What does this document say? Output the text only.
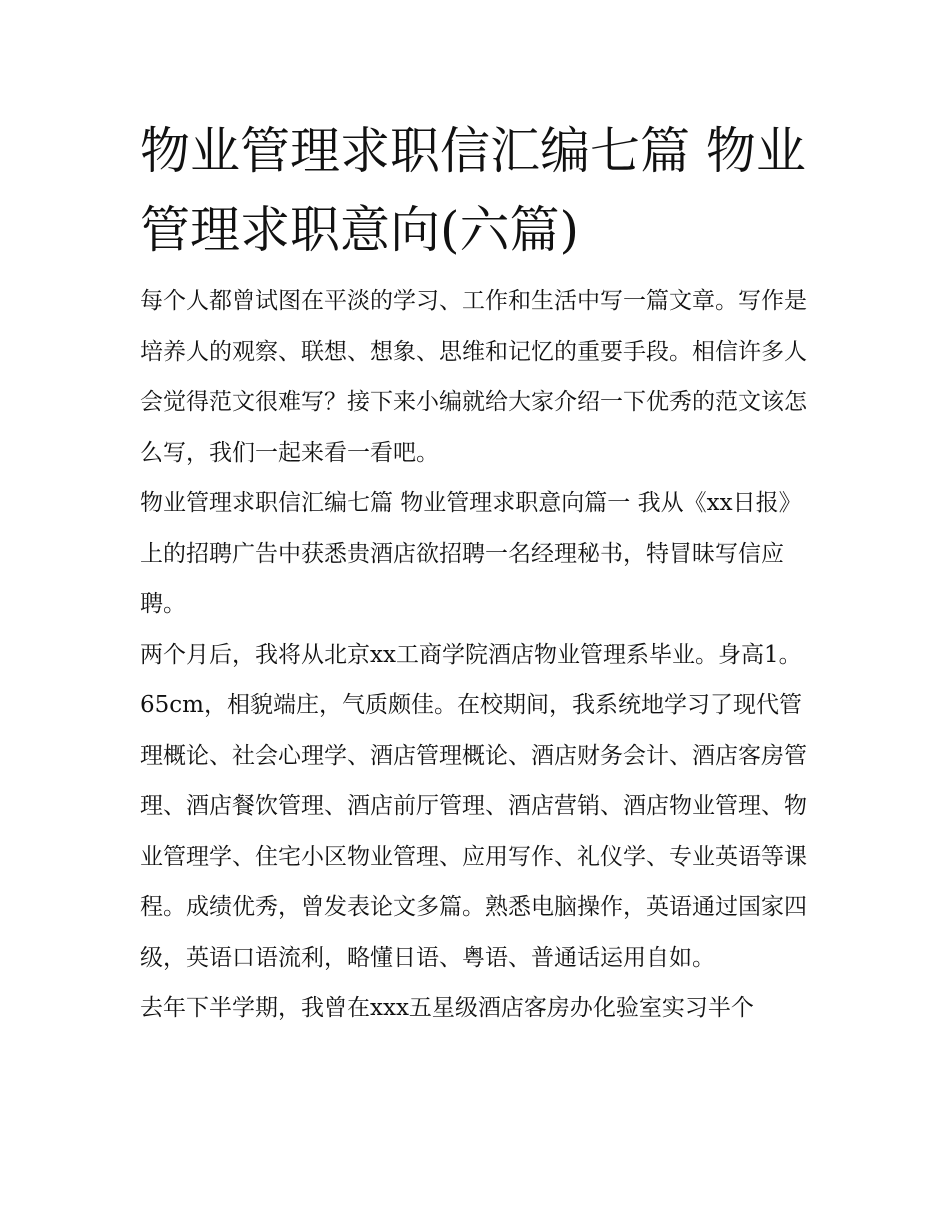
物业管理求职信汇编七篇 物业管理求职意向(六篇)

每个人都曾试图在平淡的学习、工作和生活中写一篇文章。写作是培养人的观察、联想、想象、思维和记忆的重要手段。相信许多人会觉得范文很难写？接下来小编就给大家介绍一下优秀的范文该怎么写，我们一起来看一看吧。

物业管理求职信汇编七篇 物业管理求职意向篇一 我从《xx日报》上的招聘广告中获悉贵酒店欲招聘一名经理秘书，特冒昧写信应聘。

两个月后，我将从北京xx工商学院酒店物业管理系毕业。身高1。65cm，相貌端庄，气质颇佳。在校期间，我系统地学习了现代管理概论、社会心理学、酒店管理概论、酒店财务会计、酒店客房管理、酒店餐饮管理、酒店前厅管理、酒店营销、酒店物业管理、物业管理学、住宅小区物业管理、应用写作、礼仪学、专业英语等课程。成绩优秀，曾发表论文多篇。熟悉电脑操作，英语通过国家四级，英语口语流利，略懂日语、粤语、普通话运用自如。

去年下半学期，我曾在xxx五星级酒店客房办化验室实习半个
